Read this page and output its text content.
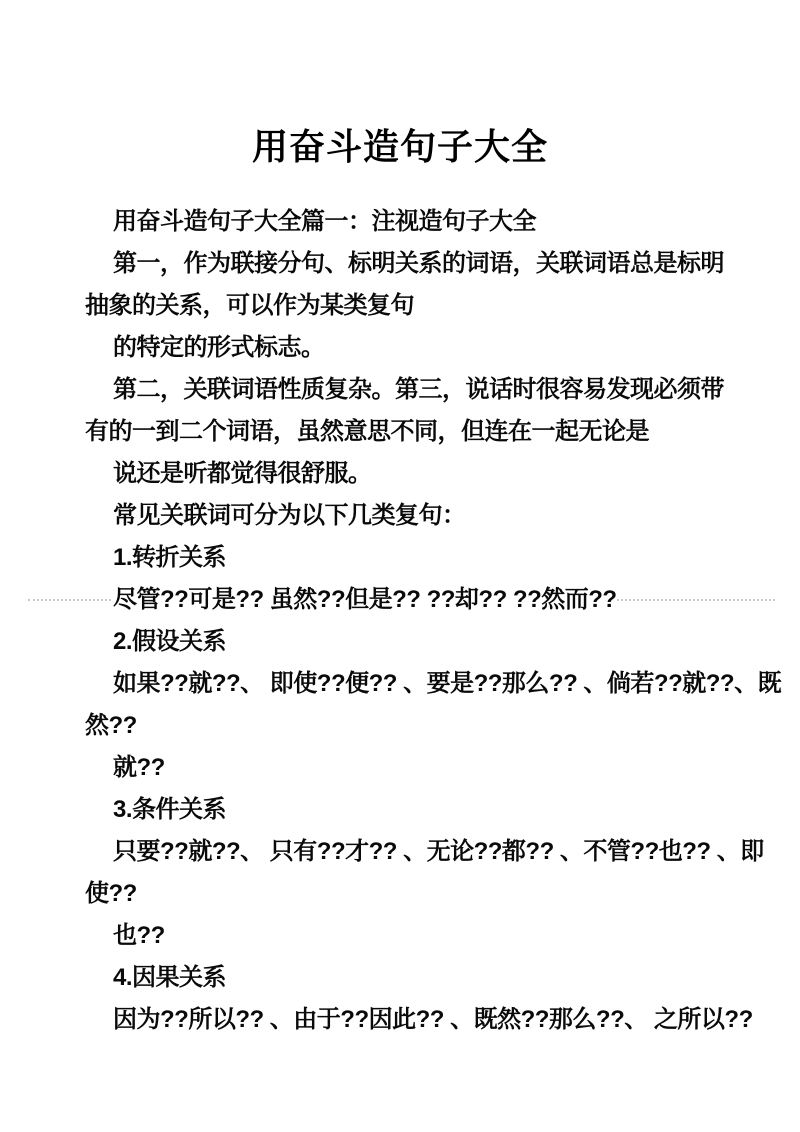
用奋斗造句子大全
用奋斗造句子大全篇一：注视造句子大全
第一，作为联接分句、标明关系的词语，关联词语总是标明
抽象的关系，可以作为某类复句
的特定的形式标志。
第二，关联词语性质复杂。第三，说话时很容易发现必须带
有的一到二个词语，虽然意思不同，但连在一起无论是
说还是听都觉得很舒服。
常见关联词可分为以下几类复句：
1.转折关系
尽管??可是?? 虽然??但是?? ??却?? ??然而??
2.假设关系
如果??就??、 即使??便?? 、要是??那么?? 、倘若??就??、既
然??
就??
3.条件关系
只要??就??、 只有??才?? 、无论??都?? 、不管??也?? 、即
使??
也??
4.因果关系
因为??所以?? 、由于??因此?? 、既然??那么??、 之所以??
